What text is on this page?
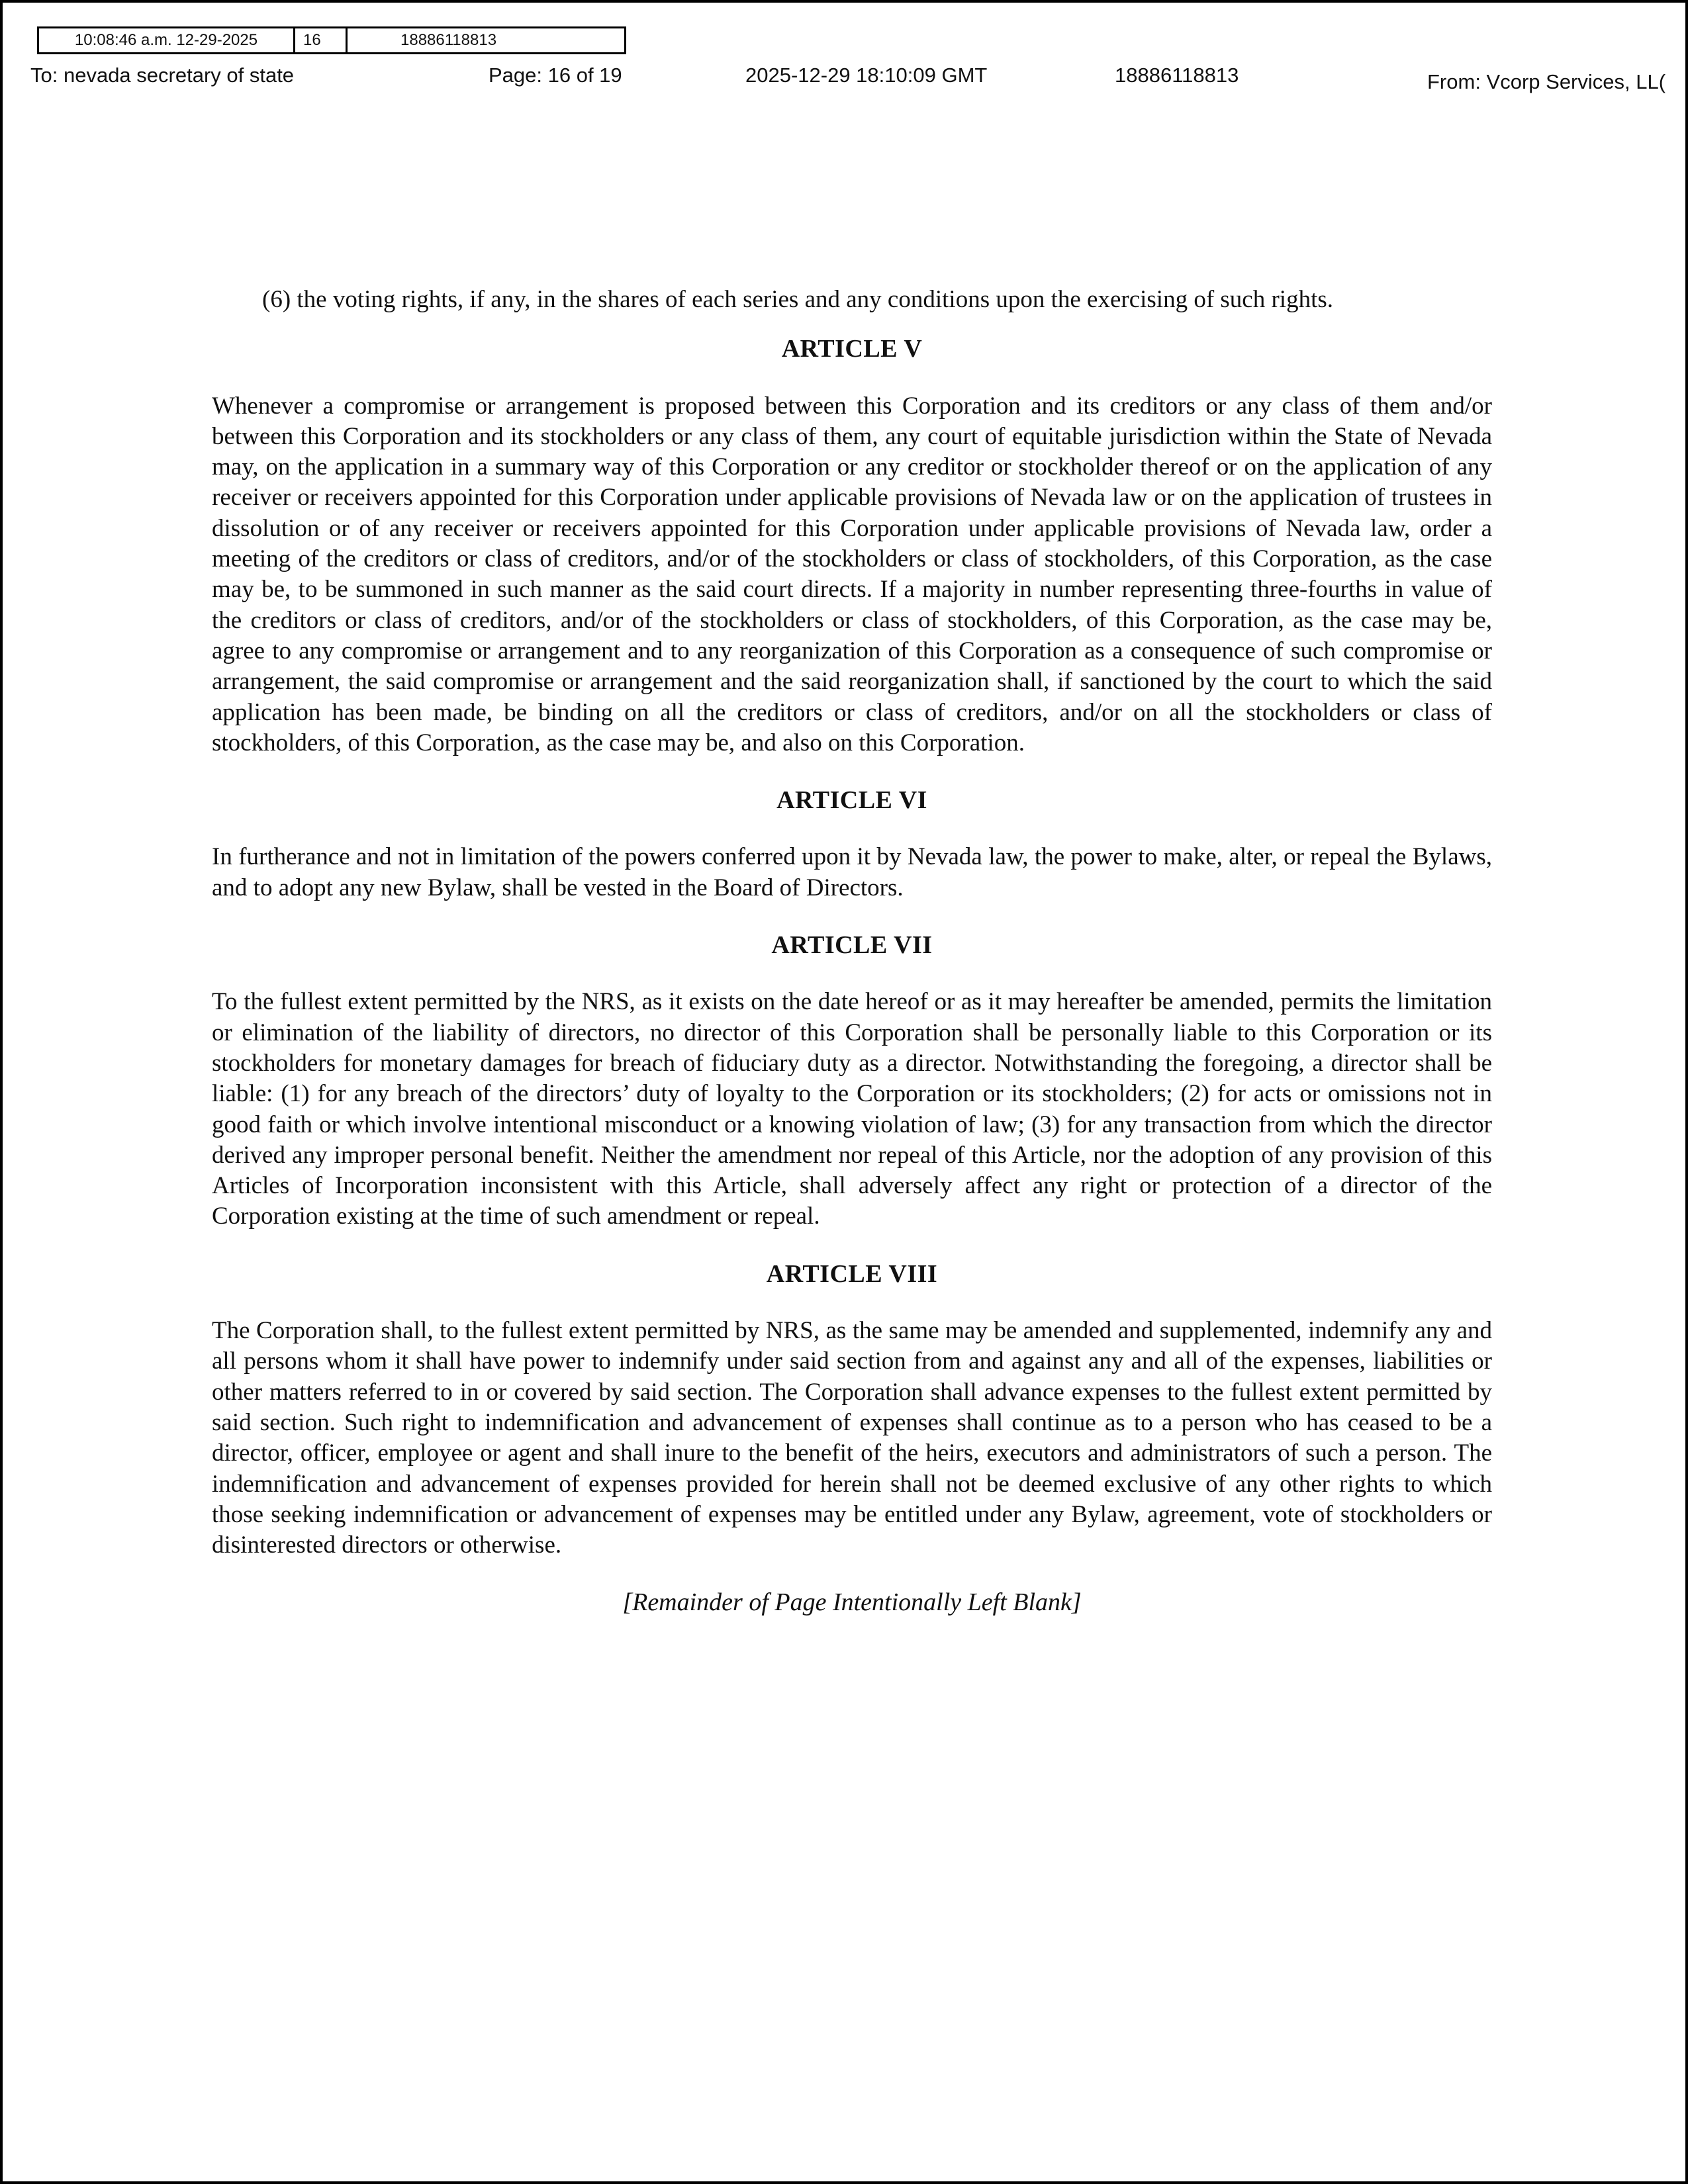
10:08:46 a.m. 12-29-2025	16	18886118813
To: nevada secretary of state	Page: 16 of 19	2025-12-29 18:10:09 GMT	18886118813	From: Vcorp Services, LL(

(6) the voting rights, if any, in the shares of each series and any conditions upon the exercising of such rights.

ARTICLE V

Whenever a compromise or arrangement is proposed between this Corporation and its creditors or any class of them and/or between this Corporation and its stockholders or any class of them, any court of equitable jurisdiction within the State of Nevada may, on the application in a summary way of this Corporation or any creditor or stockholder thereof or on the application of any receiver or receivers appointed for this Corporation under applicable provisions of Nevada law or on the application of trustees in dissolution or of any receiver or receivers appointed for this Corporation under applicable provisions of Nevada law, order a meeting of the creditors or class of creditors, and/or of the stockholders or class of stockholders, of this Corporation, as the case may be, to be summoned in such manner as the said court directs. If a majority in number representing three-fourths in value of the creditors or class of creditors, and/or of the stockholders or class of stockholders, of this Corporation, as the case may be, agree to any compromise or arrangement and to any reorganization of this Corporation as a consequence of such compromise or arrangement, the said compromise or arrangement and the said reorganization shall, if sanctioned by the court to which the said application has been made, be binding on all the creditors or class of creditors, and/or on all the stockholders or class of stockholders, of this Corporation, as the case may be, and also on this Corporation.

ARTICLE VI

In furtherance and not in limitation of the powers conferred upon it by Nevada law, the power to make, alter, or repeal the Bylaws, and to adopt any new Bylaw, shall be vested in the Board of Directors.

ARTICLE VII

To the fullest extent permitted by the NRS, as it exists on the date hereof or as it may hereafter be amended, permits the limitation or elimination of the liability of directors, no director of this Corporation shall be personally liable to this Corporation or its stockholders for monetary damages for breach of fiduciary duty as a director. Notwithstanding the foregoing, a director shall be liable: (1) for any breach of the directors’ duty of loyalty to the Corporation or its stockholders; (2) for acts or omissions not in good faith or which involve intentional misconduct or a knowing violation of law; (3) for any transaction from which the director derived any improper personal benefit. Neither the amendment nor repeal of this Article, nor the adoption of any provision of this Articles of Incorporation inconsistent with this Article, shall adversely affect any right or protection of a director of the Corporation existing at the time of such amendment or repeal.

ARTICLE VIII

The Corporation shall, to the fullest extent permitted by NRS, as the same may be amended and supplemented, indemnify any and all persons whom it shall have power to indemnify under said section from and against any and all of the expenses, liabilities or other matters referred to in or covered by said section. The Corporation shall advance expenses to the fullest extent permitted by said section. Such right to indemnification and advancement of expenses shall continue as to a person who has ceased to be a director, officer, employee or agent and shall inure to the benefit of the heirs, executors and administrators of such a person. The indemnification and advancement of expenses provided for herein shall not be deemed exclusive of any other rights to which those seeking indemnification or advancement of expenses may be entitled under any Bylaw, agreement, vote of stockholders or disinterested directors or otherwise.

[Remainder of Page Intentionally Left Blank]
